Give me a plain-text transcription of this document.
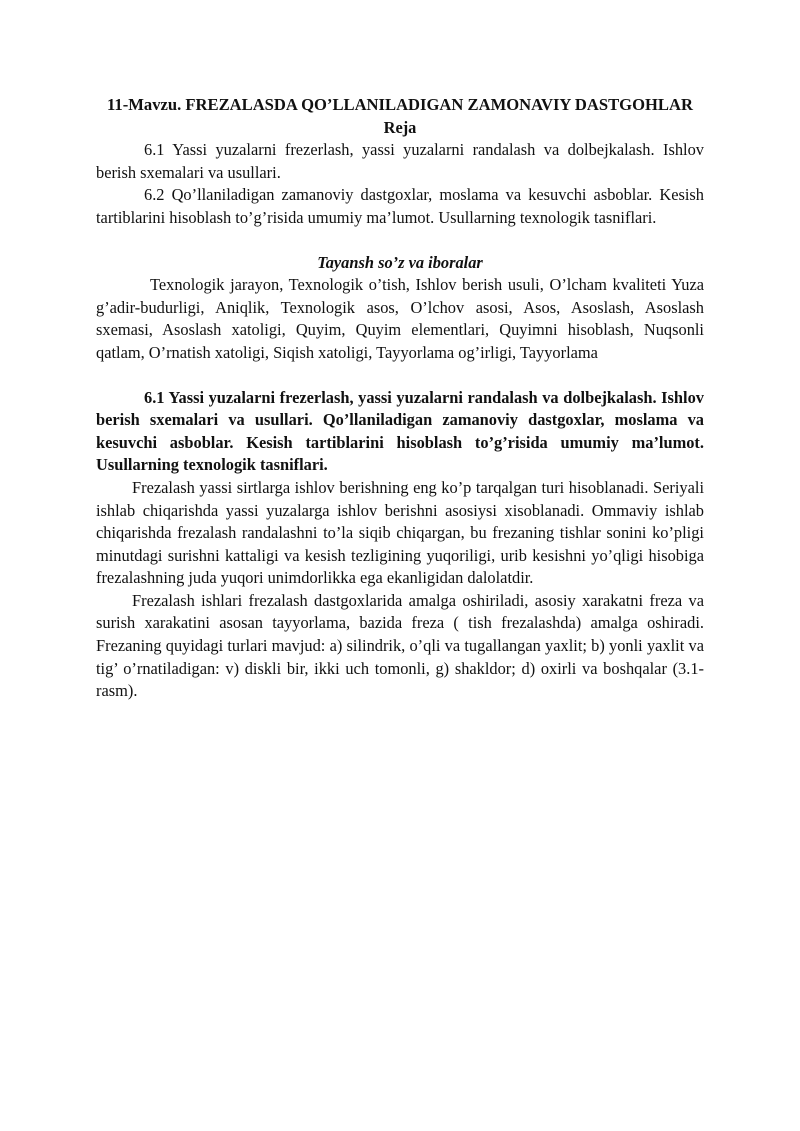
11-Mavzu. FREZALASDA QO’LLANILADIGAN ZAMONAVIY DASTGOHLAR
Reja

6.1 Yassi yuzalarni frezerlash, yassi yuzalarni randalash va dolbejkalash. Ishlov berish sxemalari va usullari.

6.2 Qo’llaniladigan zamanoviy dastgoxlar, moslama va kesuvchi asboblar. Kesish tartiblarini hisoblash to’g’risida umumiy ma’lumot. Usullarning texnologik tasniflari.

Tayansh so’z va iboralar

Texnologik jarayon, Texnologik o’tish, Ishlov berish usuli, O’lcham kvaliteti Yuza g’adir-budurligi, Aniqlik, Texnologik asos, O’lchov asosi, Asos, Asoslash, Asoslash sxemasi, Asoslash xatoligi, Quyim, Quyim elementlari, Quyimni hisoblash, Nuqsonli qatlam, O’rnatish xatoligi, Siqish xatoligi, Tayyorlama og’irligi, Tayyorlama

6.1 Yassi yuzalarni frezerlash, yassi yuzalarni randalash va dolbejkalash. Ishlov berish sxemalari va usullari. Qo’llaniladigan zamanoviy dastgoxlar, moslama va kesuvchi asboblar. Kesish tartiblarini hisoblash to’g’risida umumiy ma’lumot. Usullarning texnologik tasniflari.

Frezalash yassi sirtlarga ishlov berishning eng ko’p tarqalgan turi hisoblanadi. Seriyali ishlab chiqarishda yassi yuzalarga ishlov berishni asosiysi xisoblanadi. Ommaviy ishlab chiqarishda frezalash randalashni to’la siqib chiqargan, bu frezaning tishlar sonini ko’pligi minutdagi surishni kattaligi va kesish tezligining yuqoriligi, urib kesishni yo’qligi hisobiga frezalashning juda yuqori unimdorlikka ega ekanligidan dalolatdir.

Frezalash ishlari frezalash dastgoxlarida amalga oshiriladi, asosiy xarakatni freza va surish xarakatini asosan tayyorlama, bazida freza ( tish frezalashda) amalga oshiradi. Frezaning quyidagi turlari mavjud: a) silindrik, o’qli va tugallangan yaxlit; b) yonli yaxlit va tig’ o’rnatiladigan: v) diskli bir, ikki uch tomonli, g) shakldor; d) oxirli va boshqalar (3.1-rasm).
